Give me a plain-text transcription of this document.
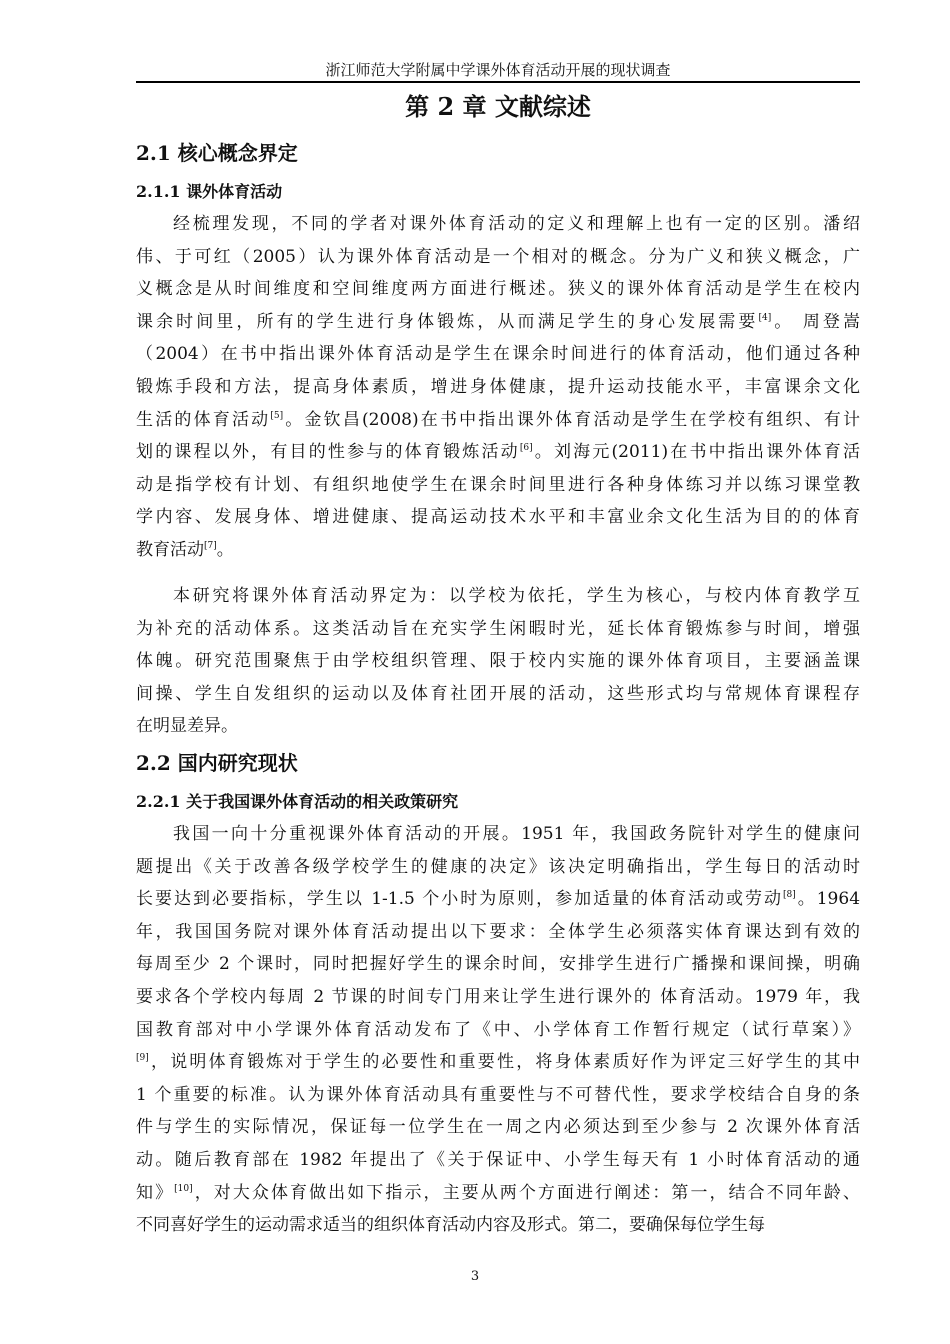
浙江师范大学附属中学课外体育活动开展的现状调查
第 2 章 文献综述
2.1 核心概念界定
2.1.1 课外体育活动
经梳理发现，不同的学者对课外体育活动的定义和理解上也有一定的区别。潘绍
伟、于可红（2005）认为课外体育活动是一个相对的概念。分为广义和狭义概念，广
义概念是从时间维度和空间维度两方面进行概述。狭义的课外体育活动是学生在校内
课余时间里，所有的学生进行身体锻炼，从而满足学生的身心发展需要[4]。 周登嵩
（2004）在书中指出课外体育活动是学生在课余时间进行的体育活动，他们通过各种
锻炼手段和方法，提高身体素质，增进身体健康，提升运动技能水平，丰富课余文化
生活的体育活动[5]。金钦昌(2008)在书中指出课外体育活动是学生在学校有组织、有计
划的课程以外，有目的性参与的体育锻炼活动[6]。刘海元(2011)在书中指出课外体育活
动是指学校有计划、有组织地使学生在课余时间里进行各种身体练习并以练习课堂教
学内容、发展身体、增进健康、提高运动技术水平和丰富业余文化生活为目的的体育
教育活动[7]。
本研究将课外体育活动界定为：以学校为依托，学生为核心，与校内体育教学互
为补充的活动体系。这类活动旨在充实学生闲暇时光，延长体育锻炼参与时间，增强
体魄。研究范围聚焦于由学校组织管理、限于校内实施的课外体育项目，主要涵盖课
间操、学生自发组织的运动以及体育社团开展的活动，这些形式均与常规体育课程存
在明显差异。
2.2 国内研究现状
2.2.1 关于我国课外体育活动的相关政策研究
我国一向十分重视课外体育活动的开展。1951 年，我国政务院针对学生的健康问
题提出《关于改善各级学校学生的健康的决定》该决定明确指出，学生每日的活动时
长要达到必要指标，学生以 1-1.5 个小时为原则，参加适量的体育活动或劳动[8]。1964
年，我国国务院对课外体育活动提出以下要求：全体学生必须落实体育课达到有效的
每周至少 2 个课时，同时把握好学生的课余时间，安排学生进行广播操和课间操，明确
要求各个学校内每周 2 节课的时间专门用来让学生进行课外的 体育活动。1979 年，我
国教育部对中小学课外体育活动发布了《中、小学体育工作暂行规定（试行草案）》
[9]，说明体育锻炼对于学生的必要性和重要性，将身体素质好作为评定三好学生的其中
1 个重要的标准。认为课外体育活动具有重要性与不可替代性，要求学校结合自身的条
件与学生的实际情况，保证每一位学生在一周之内必须达到至少参与 2 次课外体育活
动。随后教育部在 1982 年提出了《关于保证中、小学生每天有 1 小时体育活动的通
知》[10]，对大众体育做出如下指示，主要从两个方面进行阐述：第一，结合不同年龄、
不同喜好学生的运动需求适当的组织体育活动内容及形式。第二，要确保每位学生每
3
